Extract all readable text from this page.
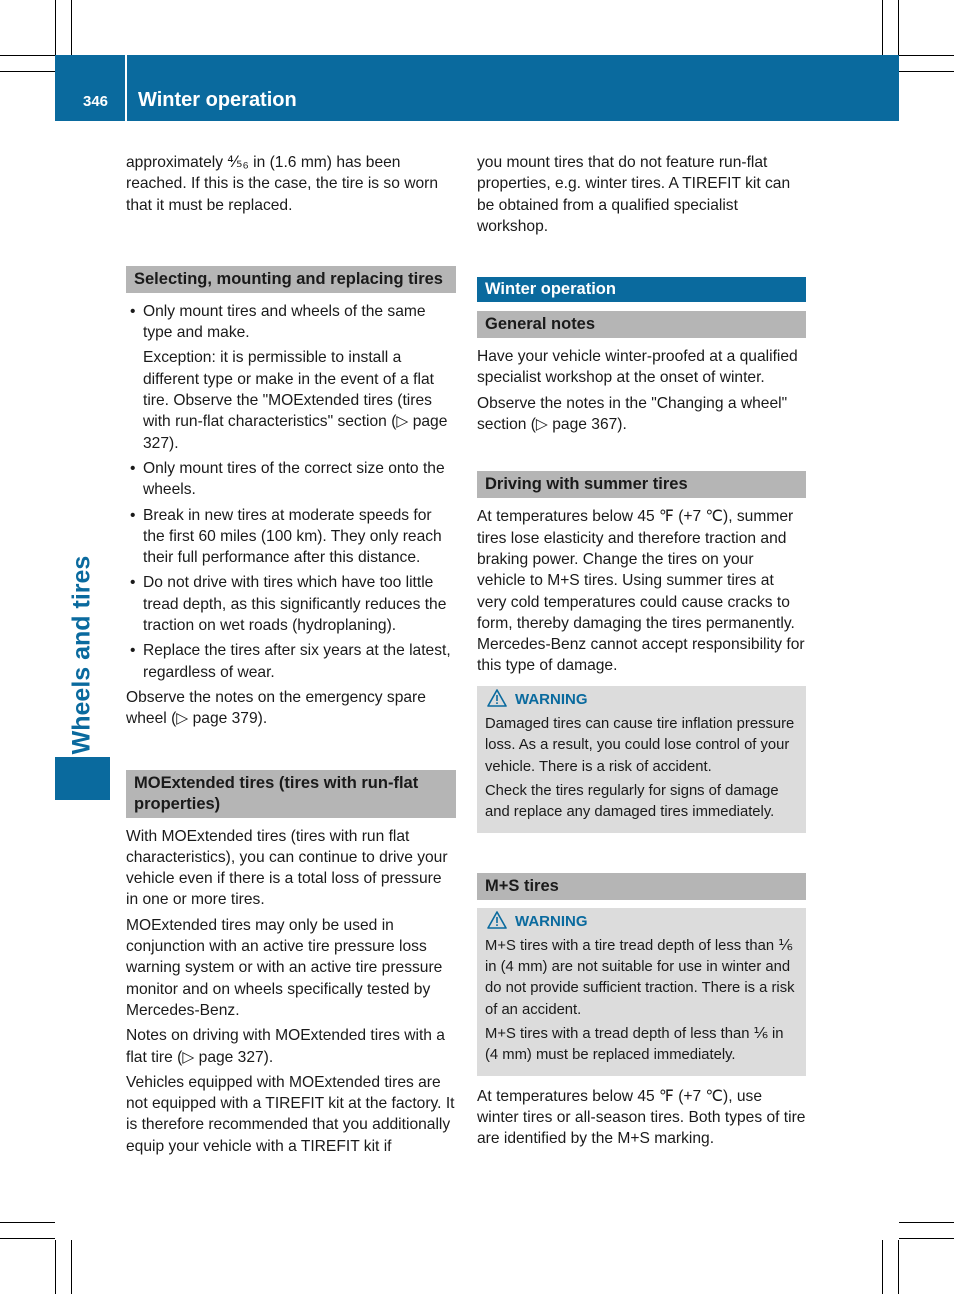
346 Winter operation
Wheels and tires

approximately ⅘₆ in (1.6 mm) has been reached. If this is the case, the tire is so worn that it must be replaced.

Selecting, mounting and replacing tires
• Only mount tires and wheels of the same type and make.
Exception: it is permissible to install a different type or make in the event of a flat tire. Observe the "MOExtended tires (tires with run-flat characteristics" section (▷ page 327).
• Only mount tires of the correct size onto the wheels.
• Break in new tires at moderate speeds for the first 60 miles (100 km). They only reach their full performance after this distance.
• Do not drive with tires which have too little tread depth, as this significantly reduces the traction on wet roads (hydroplaning).
• Replace the tires after six years at the latest, regardless of wear.

Observe the notes on the emergency spare wheel (▷ page 379).

MOExtended tires (tires with run-flat properties)

With MOExtended tires (tires with run flat characteristics), you can continue to drive your vehicle even if there is a total loss of pressure in one or more tires.

MOExtended tires may only be used in conjunction with an active tire pressure loss warning system or with an active tire pressure monitor and on wheels specifically tested by Mercedes-Benz.

Notes on driving with MOExtended tires with a flat tire (▷ page 327).

Vehicles equipped with MOExtended tires are not equipped with a TIREFIT kit at the factory. It is therefore recommended that you additionally equip your vehicle with a TIREFIT kit if

you mount tires that do not feature run-flat properties, e.g. winter tires. A TIREFIT kit can be obtained from a qualified specialist workshop.

Winter operation
General notes

Have your vehicle winter-proofed at a qualified specialist workshop at the onset of winter.

Observe the notes in the "Changing a wheel" section (▷ page 367).

Driving with summer tires

At temperatures below 45 ℉ (+7 ℃), summer tires lose elasticity and therefore traction and braking power. Change the tires on your vehicle to M+S tires. Using summer tires at very cold temperatures could cause cracks to form, thereby damaging the tires permanently. Mercedes-Benz cannot accept responsibility for this type of damage.

WARNING

Damaged tires can cause tire inflation pressure loss. As a result, you could lose control of your vehicle. There is a risk of accident.

Check the tires regularly for signs of damage and replace any damaged tires immediately.

M+S tires
WARNING

M+S tires with a tire tread depth of less than ⅙ in (4 mm) are not suitable for use in winter and do not provide sufficient traction. There is a risk of an accident.

M+S tires with a tread depth of less than ⅙ in (4 mm) must be replaced immediately.

At temperatures below 45 ℉ (+7 ℃), use winter tires or all-season tires. Both types of tire are identified by the M+S marking.
